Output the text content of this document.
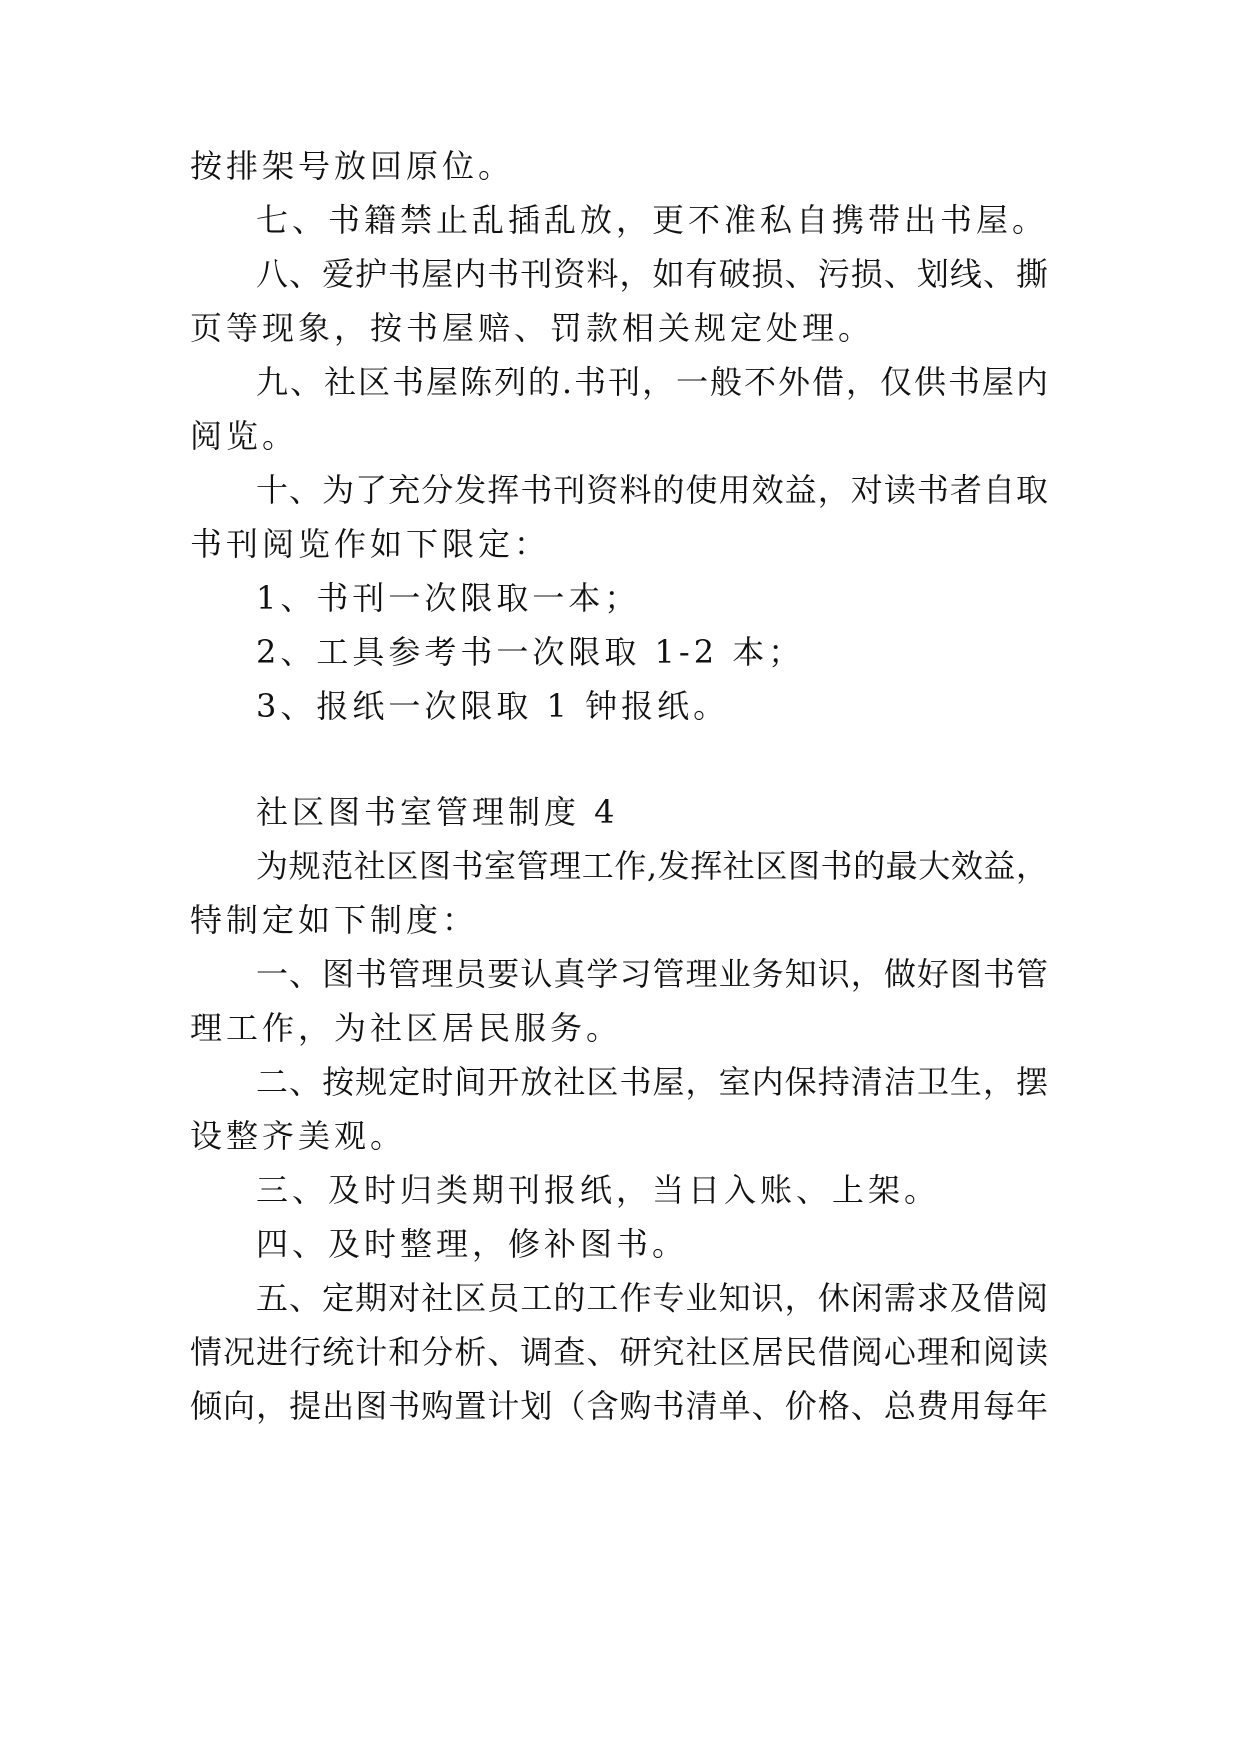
按排架号放回原位。

七、书籍禁止乱插乱放，更不准私自携带出书屋。

八、爱护书屋内书刊资料，如有破损、污损、划线、撕

页等现象，按书屋赔、罚款相关规定处理。

九、社区书屋陈列的.书刊，一般不外借，仅供书屋内

阅览。

十、为了充分发挥书刊资料的使用效益，对读书者自取

书刊阅览作如下限定：

1、书刊一次限取一本；

2、工具参考书一次限取 1-2 本；

3、报纸一次限取 1 钟报纸。

社区图书室管理制度 4

为规范社区图书室管理工作,发挥社区图书的最大效益，

特制定如下制度：

一、图书管理员要认真学习管理业务知识，做好图书管

理工作，为社区居民服务。

二、按规定时间开放社区书屋，室内保持清洁卫生，摆

设整齐美观。

三、及时归类期刊报纸，当日入账、上架。

四、及时整理，修补图书。

五、定期对社区员工的工作专业知识，休闲需求及借阅

情况进行统计和分析、调查、研究社区居民借阅心理和阅读

倾向，提出图书购置计划（含购书清单、价格、总费用每年
